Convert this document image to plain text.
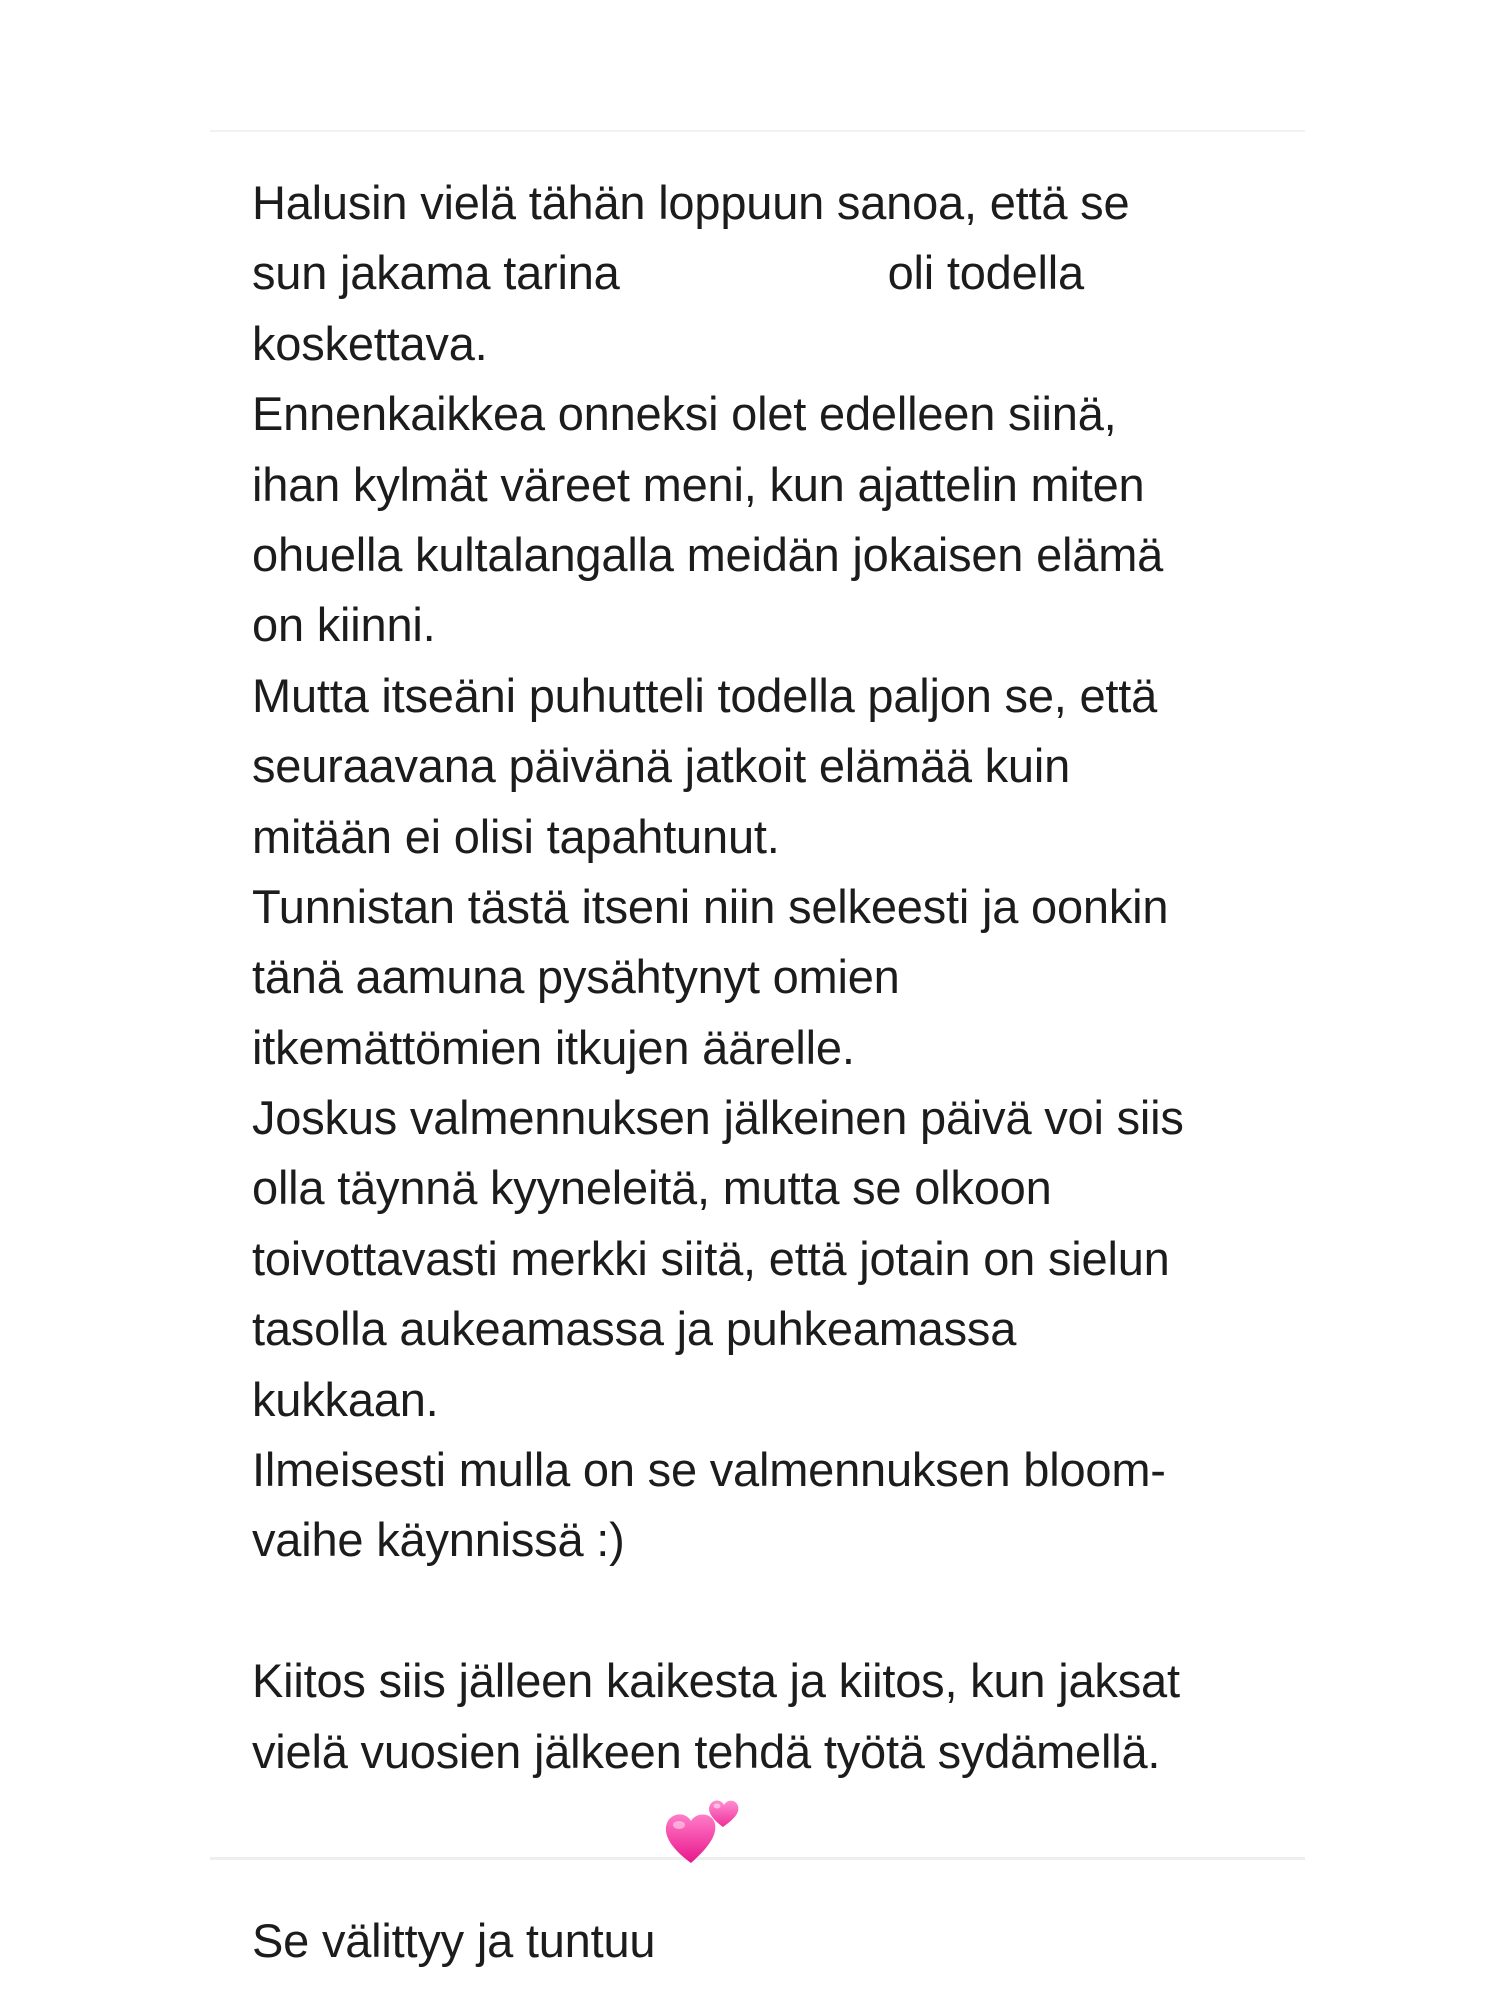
Halusin vielä tähän loppuun sanoa, että se
sun jakama tarina	oli todella
koskettava.
Ennenkaikkea onneksi olet edelleen siinä,
ihan kylmät väreet meni, kun ajattelin miten
ohuella kultalangalla meidän jokaisen elämä
on kiinni.
Mutta itseäni puhutteli todella paljon se, että
seuraavana päivänä jatkoit elämää kuin
mitään ei olisi tapahtunut.
Tunnistan tästä itseni niin selkeesti ja oonkin
tänä aamuna pysähtynyt omien
itkemättömien itkujen äärelle.
Joskus valmennuksen jälkeinen päivä voi siis
olla täynnä kyyneleitä, mutta se olkoon
toivottavasti merkki siitä, että jotain on sielun
tasolla aukeamassa ja puhkeamassa
kukkaan.
Ilmeisesti mulla on se valmennuksen bloom-
vaihe käynnissä :)
Kiitos siis jälleen kaikesta ja kiitos, kun jaksat
vielä vuosien jälkeen tehdä työtä sydämellä.
Se välittyy ja tuntuu
